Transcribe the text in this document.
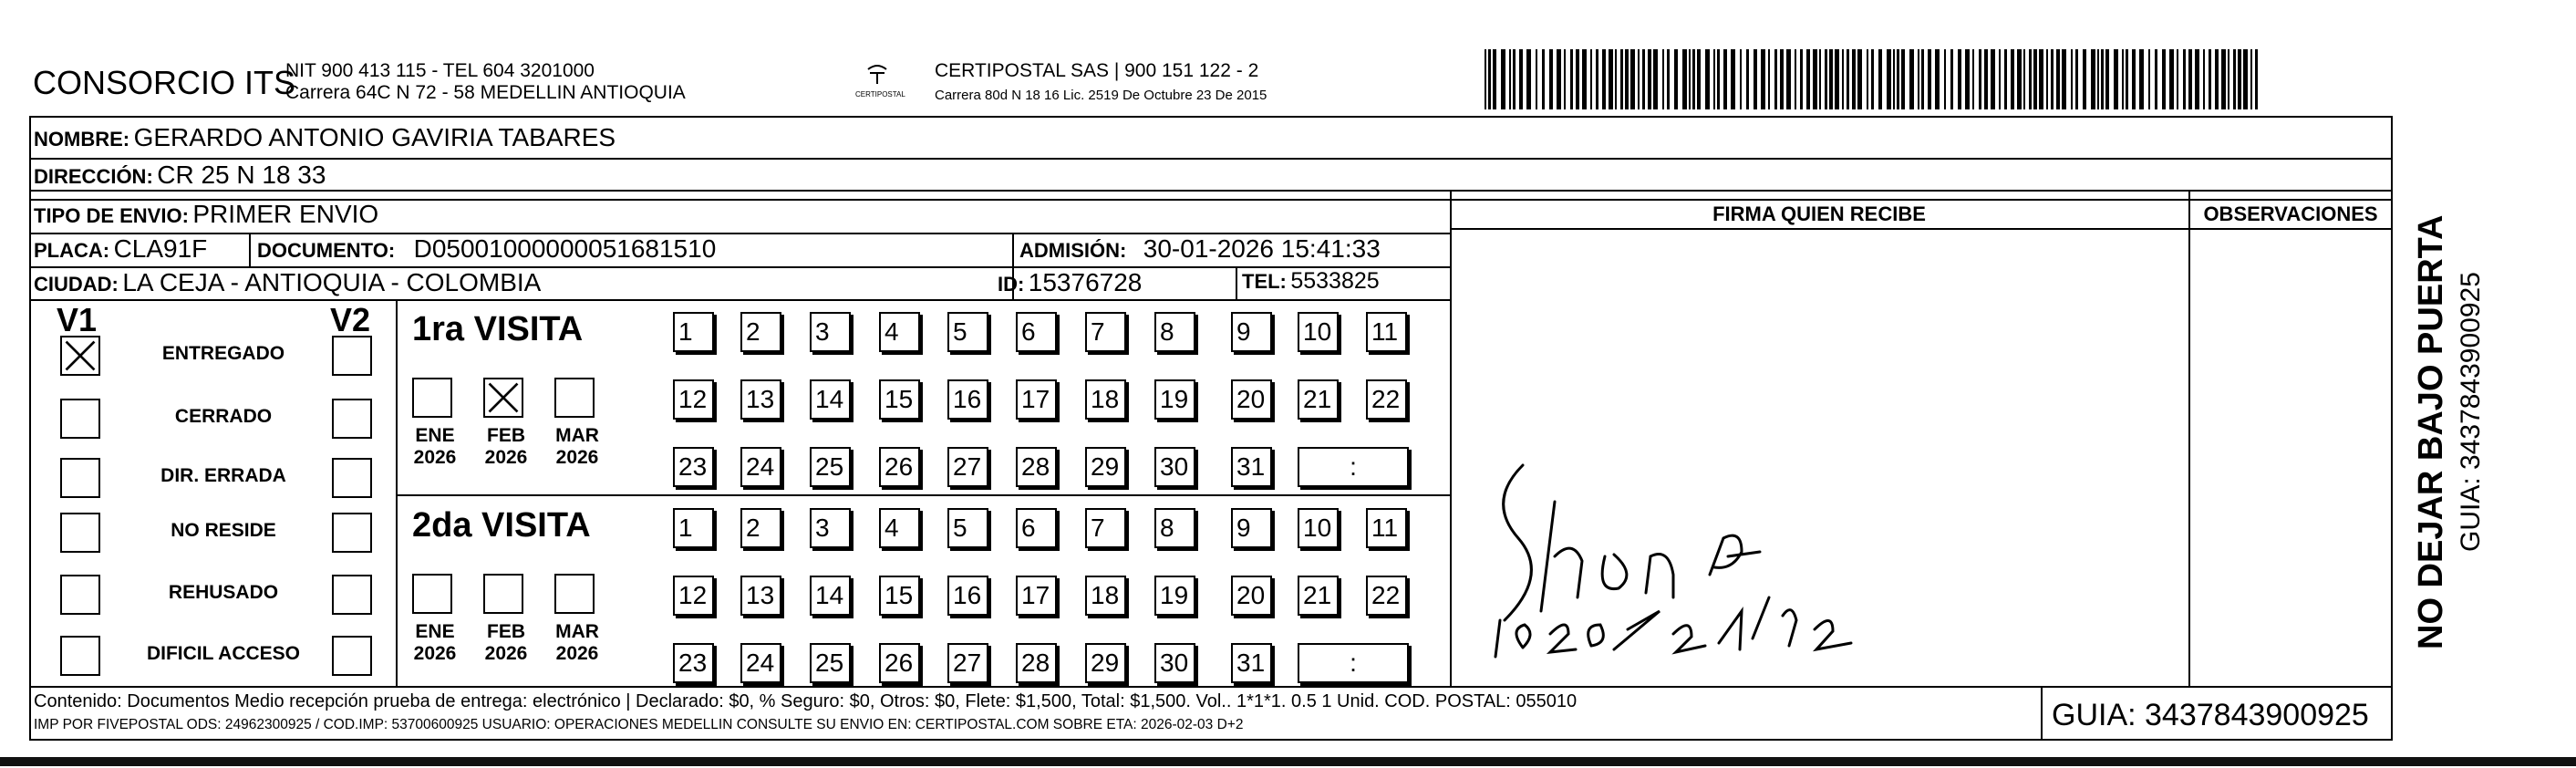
CONSORCIO ITS
NIT 900 413 115 - TEL 604 3201000
Carrera 64C N 72 - 58 MEDELLIN ANTIOQUIA	CERTIPOSTAL
CERTIPOSTAL SAS | 900 151 122 - 2
Carrera 80d N 18 16 Lic. 2519 De Octubre 23 De 2015
NOMBRE: GERARDO ANTONIO GAVIRIA TABARES
DIRECCIÓN: CR 25 N 18 33
TIPO DE ENVIO: PRIMER ENVIO
PLACA: CLA91F DOCUMENTO: D05001000000051681510	ADMISIÓN: 30-01-2026 15:41:33
CIUDAD: LA CEJA - ANTIOQUIA - COLOMBIA	ID: 15376728	TEL: 5533825
FIRMA QUIEN RECIBE	OBSERVACIONES
V1	V2
ENTREGADO
CERRADO
DIR. ERRADA
NO RESIDE
REHUSADO
DIFICIL ACCESO
1ra VISITA
ENE
2026
FEB
2026
MAR
2026
1	2	3	4	5	6	7	8	9	10 11
12 13 14 15 16 17 18 19 20 21 22
23 24 25 26 27 28 29 30 31	:
2da VISITA
ENE
2026
FEB
2026
MAR
2026
1	2	3	4	5	6	7	8	9	10 11
12 13 14 15 16 17 18 19 20 21 22
23 24 25 26 27 28 29 30 31	:
NO DEJAR BAJO PUERTA GUIA: 3437843900925
Contenido: Documentos Medio recepción prueba de entrega: electrónico | Declarado: $0, % Seguro: $0, Otros: $0, Flete: $1,500, Total: $1,500. Vol.. 1*1*1. 0.5 1 Unid. COD. POSTAL: 055010
IMP POR FIVEPOSTAL ODS: 24962300925 / COD.IMP: 53700600925 USUARIO: OPERACIONES MEDELLIN CONSULTE SU ENVIO EN: CERTIPOSTAL.COM SOBRE ETA: 2026-02-03 D+2	GUIA: 3437843900925
